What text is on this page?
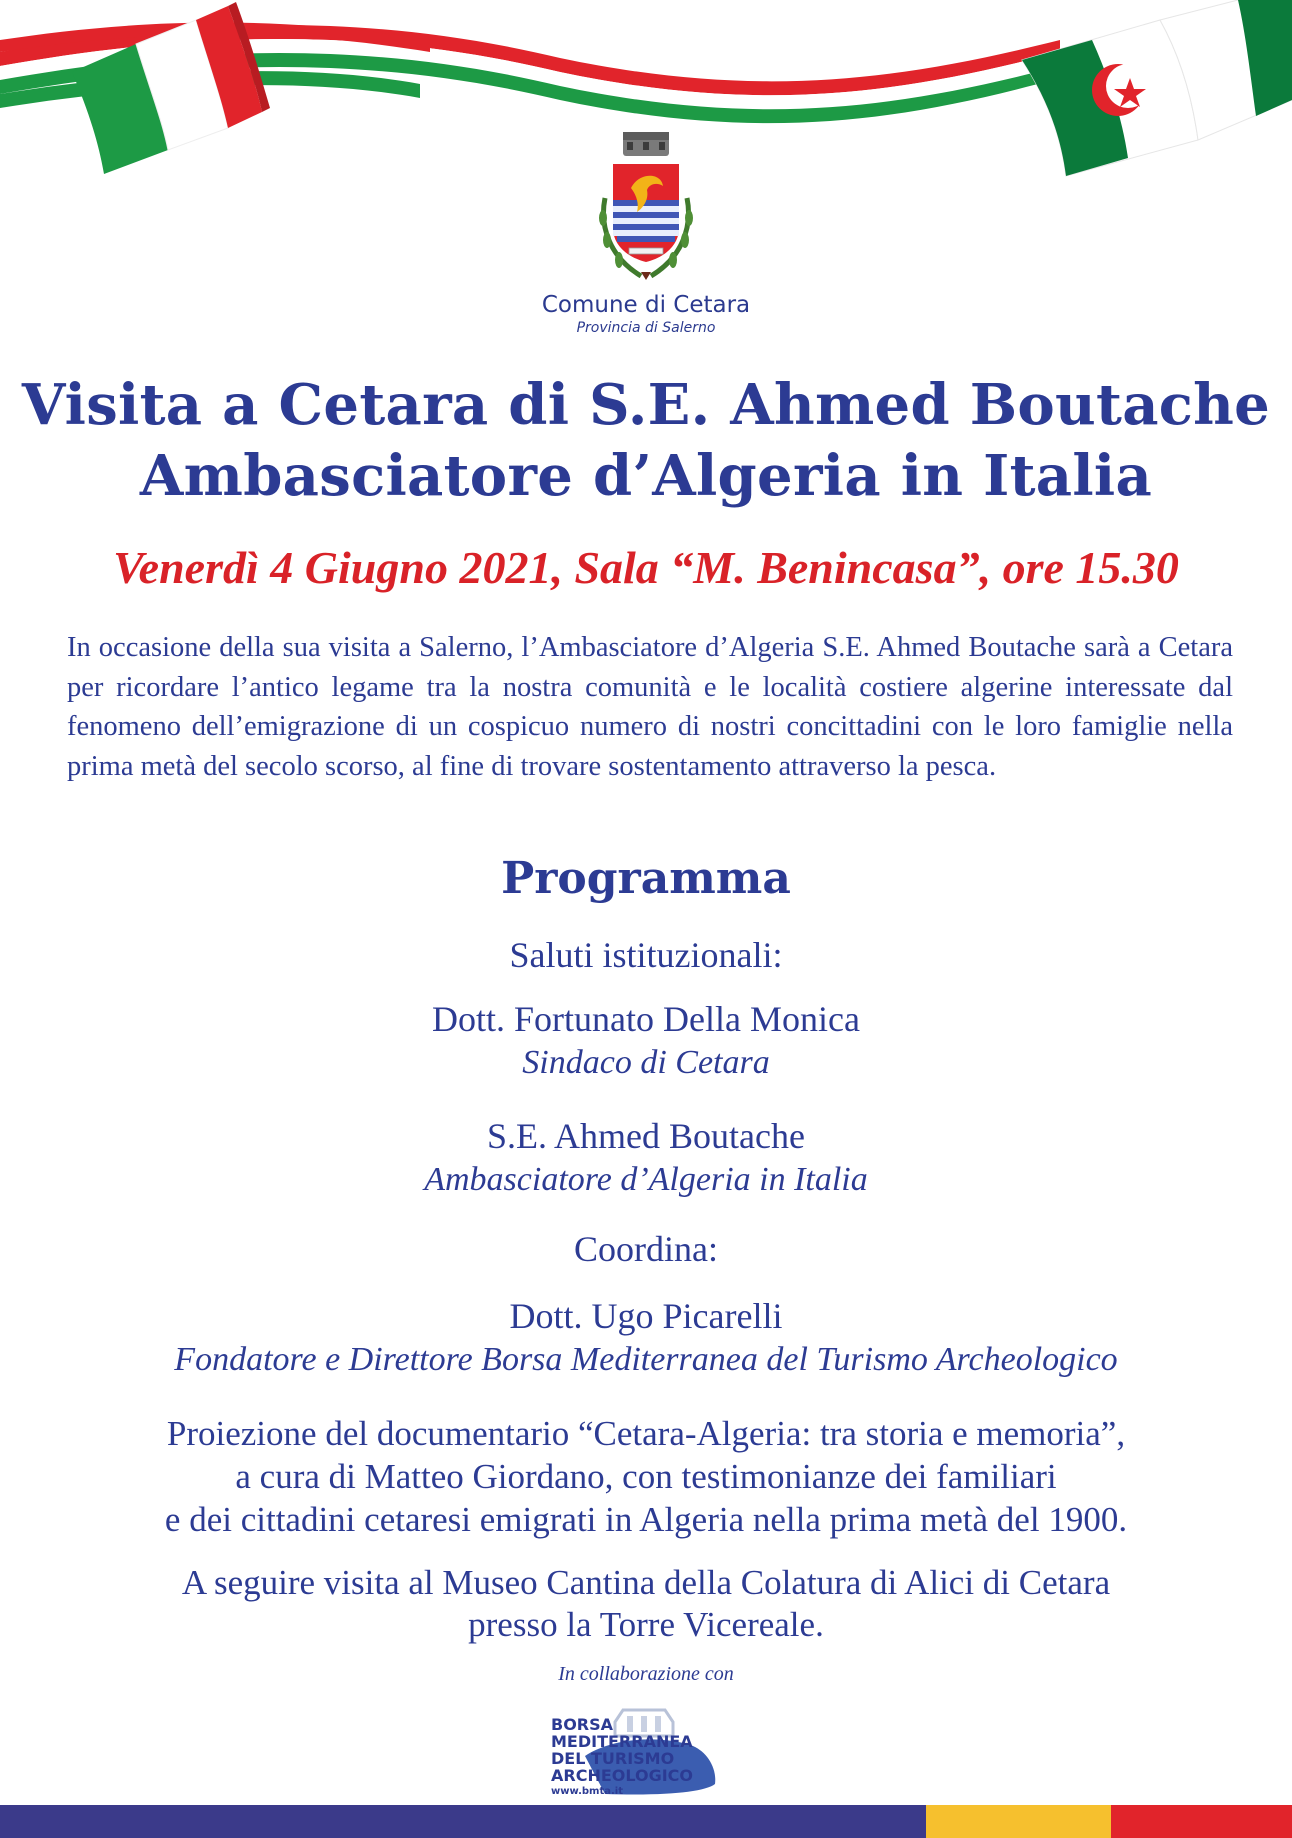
Comune di Cetara
Provincia di Salerno
Visita a Cetara di S.E. Ahmed Boutache
Ambasciatore d’Algeria in Italia
Venerdì 4 Giugno 2021, Sala “M. Benincasa”, ore 15.30
In occasione della sua visita a Salerno, l’Ambasciatore d’Algeria S.E. Ahmed Boutache sarà a Cetara per ricordare l’antico legame tra la nostra comunità e le località costiere algerine interessate dal fenomeno dell’emigrazione di un cospicuo numero di nostri concittadini con le loro famiglie nella prima metà del secolo scorso, al fine di trovare sostentamento attraverso la pesca.
Programma
Saluti istituzionali:
Dott. Fortunato Della Monica
Sindaco di Cetara
S.E. Ahmed Boutache
Ambasciatore d’Algeria in Italia
Coordina:
Dott. Ugo Picarelli
Fondatore e Direttore Borsa Mediterranea del Turismo Archeologico
Proiezione del documentario “Cetara-Algeria: tra storia e memoria”,
a cura di Matteo Giordano, con testimonianze dei familiari
e dei cittadini cetaresi emigrati in Algeria nella prima metà del 1900.
A seguire visita al Museo Cantina della Colatura di Alici di Cetara
presso la Torre Vicereale.
In collaborazione con
BORSA
MEDITERRANEA
DEL TURISMO
ARCHEOLOGICO
www.bmta.it
